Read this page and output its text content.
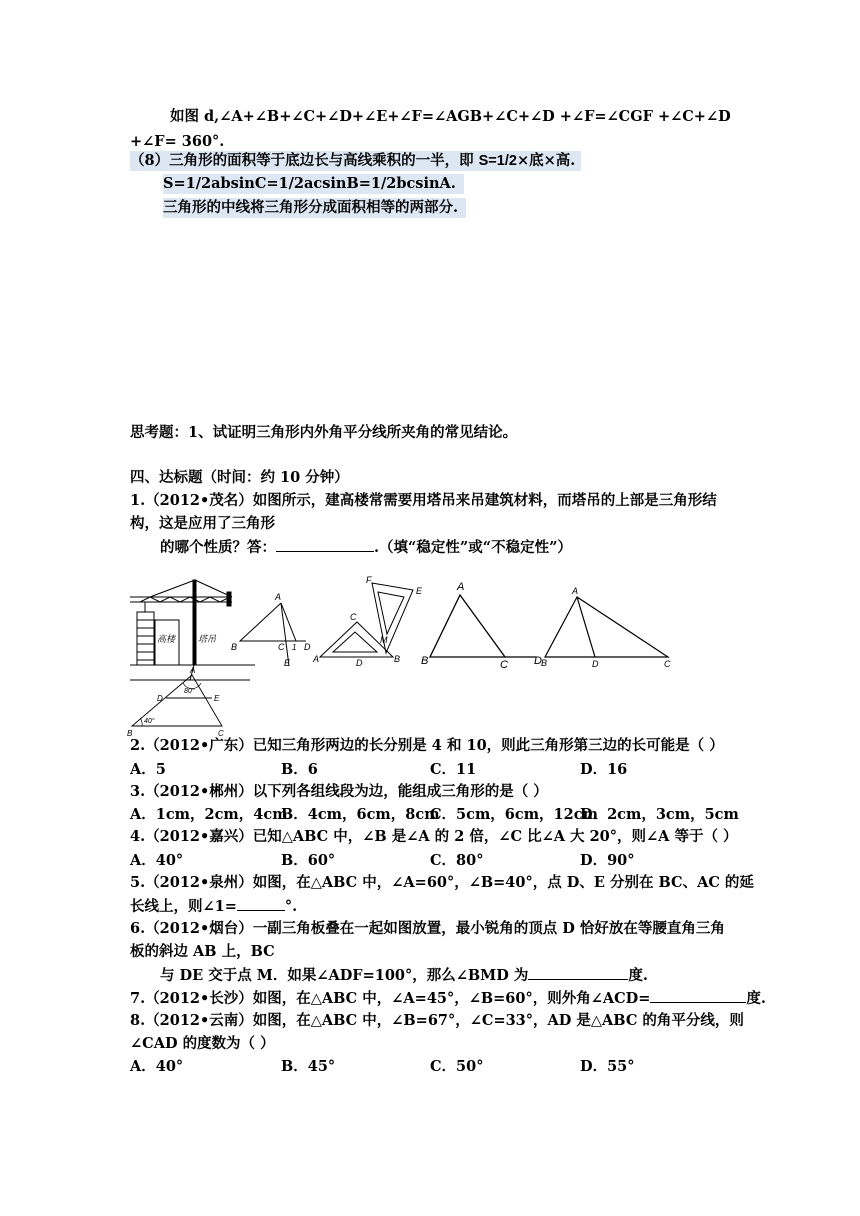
如图 d,∠A+∠B+∠C+∠D+∠E+∠F=∠AGB+∠C+∠D +∠F=∠CGF +∠C+∠D
+∠F= 360°.
（8）三角形的面积等于底边长与高线乘积的一半，即 S=1/2×底×高.
S=1/2absinC=1/2acsinB=1/2bcsinA.
三角形的中线将三角形分成面积相等的两部分.
思考题：1、试证明三角形内外角平分线所夹角的常见结论。
四、达标题（时间：约 10 分钟）
1.（2012•茂名）如图所示，建高楼常需要用塔吊来吊建筑材料，而塔吊的上部是三角形结
构，这是应用了三角形
的哪个性质？答：	.（填“稳定性”或“不稳定性”）
高楼	塔吊
A
B	C 1 D
E
F
E
C
M
A	D	B
A
B	C D
A
B	D	C
A
80°
D	E
40°
B	C
2.（2012•广东）已知三角形两边的长分别是 4 和 10，则此三角形第三边的长可能是（ ）
A．5	B．6	C．11	D．16
3.（2012•郴州）以下列各组线段为边，能组成三角形的是（ ）
A．1cm，2cm，4cm
B．4cm，6cm，8cm
C．5cm，6cm，12cm
D．2cm，3cm，5cm
4.（2012•嘉兴）已知△ABC 中，∠B 是∠A 的 2 倍，∠C 比∠A 大 20°，则∠A 等于（ ）
A．40°	B．60°	C．80°	D．90°
5.（2012•泉州）如图，在△ABC 中，∠A=60°，∠B=40°，点 D、E 分别在 BC、AC 的延
长线上，则∠1=	°.
6.（2012•烟台）一副三角板叠在一起如图放置，最小锐角的顶点 D 恰好放在等腰直角三角
板的斜边 AB 上，BC
与 DE 交于点 M．如果∠ADF=100°，那么∠BMD 为	度.
7.（2012•长沙）如图，在△ABC 中，∠A=45°，∠B=60°，则外角∠ACD=	度.
8.（2012•云南）如图，在△ABC 中，∠B=67°，∠C=33°，AD 是△ABC 的角平分线，则
∠CAD 的度数为（ ）
A．40°	B．45°	C．50°	D．55°
